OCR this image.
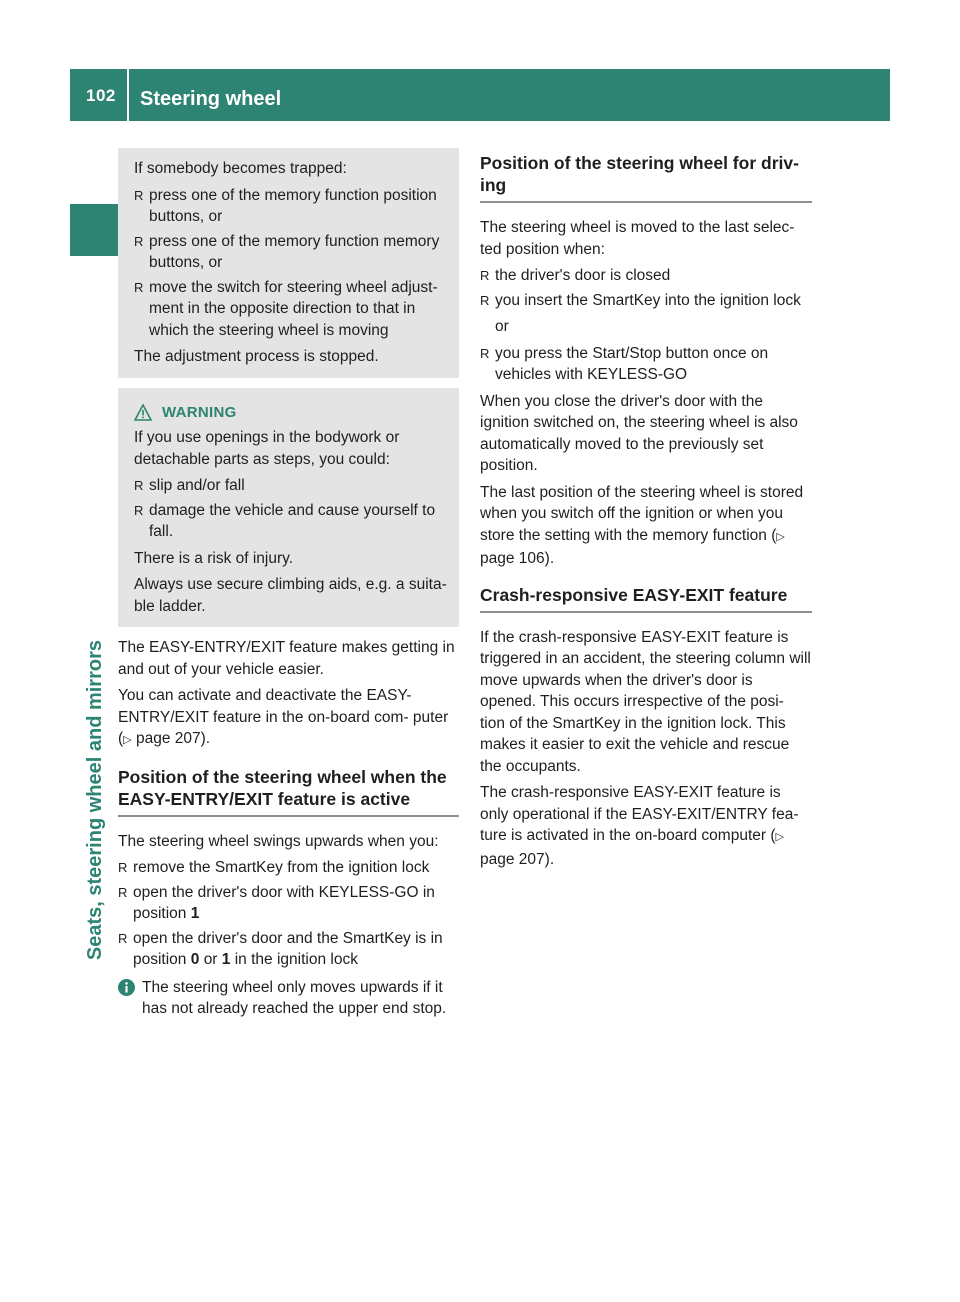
102 Steering wheel
Seats, steering wheel and mirrors

If somebody becomes trapped:

R press one of the memory function position buttons, or
R press one of the memory function memory buttons, or
R move the switch for steering wheel adjust- ment in the opposite direction to that in which the steering wheel is moving

The adjustment process is stopped.

WARNING

If you use openings in the bodywork or detachable parts as steps, you could:

R slip and/or fall
R damage the vehicle and cause yourself to fall.

There is a risk of injury.

Always use secure climbing aids, e.g. a suita- ble ladder.

The EASY-ENTRY/EXIT feature makes getting in and out of your vehicle easier.

You can activate and deactivate the EASY- ENTRY/EXIT feature in the on-board com- puter (▷ page 207).

Position of the steering wheel when the EASY-ENTRY/EXIT feature is active

The steering wheel swings upwards when you:

R remove the SmartKey from the ignition lock
R open the driver's door with KEYLESS-GO in position 1
R open the driver's door and the SmartKey is in position 0 or 1 in the ignition lock
The steering wheel only moves upwards if it has not already reached the upper end stop.
Position of the steering wheel for driv- ing

The steering wheel is moved to the last selec- ted position when:

R the driver's door is closed
R you insert the SmartKey into the ignition lock
or
R you press the Start/Stop button once on vehicles with KEYLESS-GO

When you close the driver's door with the ignition switched on, the steering wheel is also automatically moved to the previously set position.

The last position of the steering wheel is stored when you switch off the ignition or when you store the setting with the memory function (▷ page 106).

Crash-responsive EASY-EXIT feature

If the crash-responsive EASY-EXIT feature is triggered in an accident, the steering column will move upwards when the driver's door is opened. This occurs irrespective of the posi- tion of the SmartKey in the ignition lock. This makes it easier to exit the vehicle and rescue the occupants.

The crash-responsive EASY-EXIT feature is only operational if the EASY-EXIT/ENTRY fea- ture is activated in the on-board computer (▷ page 207).
